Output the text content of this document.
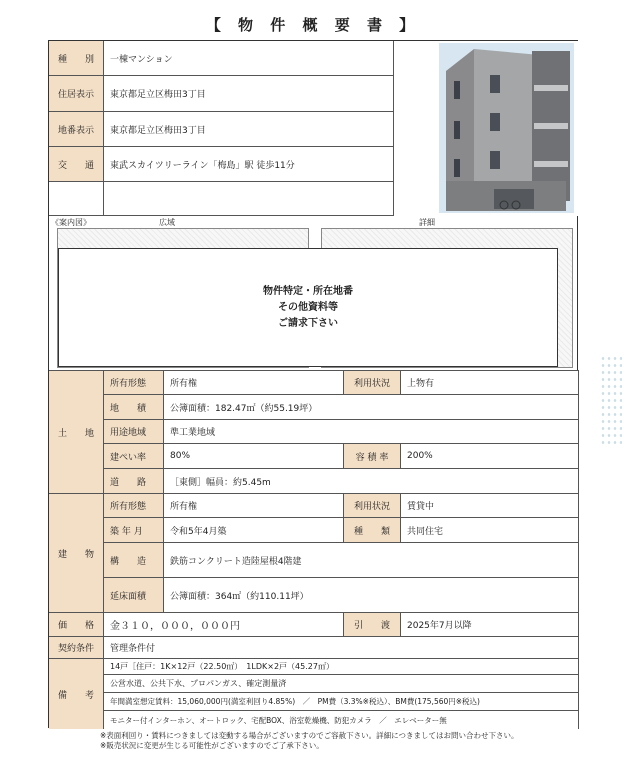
【 物 件 概 要 書 】
種　　別	一棟マンション
住居表示	東京都足立区梅田3丁目
地番表示	東京都足立区梅田3丁目
交　　通	東武スカイツリーライン「梅島」駅 徒歩11分
《案内図》	広域	詳細
土　　地
所有形態	所有権	利用状況	上物有
地　　積	公簿面積：182.47㎡（約55.19坪）
用途地域	準工業地域
建ぺい率	80%	容 積 率	200%
道　　路	［東側］幅員：約5.45m
建　　物
所有形態	所有権	利用状況	賃貸中
築 年 月	令和5年4月築	種　　類	共同住宅
構　　造	鉄筋コンクリート造陸屋根4階建
延床面積	公簿面積：364㎡（約110.11坪）
価　　格	金３１０，０００，０００円	引　　渡	2025年7月以降
契約条件	管理条件付
備　　考
14戸［住戸：1K×12戸（22.50㎡）　1LDK×2戸（45.27㎡）
公営水道、公共下水、プロパンガス、確定測量済
年間満室想定賃料：15,060,000円(満室利回り4.85%)　／　PM費（3.3%※税込）、BM費(175,560円※税込)
モニター付インターホン、オートロック、宅配BOX、浴室乾燥機、防犯カメラ　／　エレベーター無
物件特定・所在地番
その他資料等
ご請求下さい
※表面利回り・賃料につきましては変動する場合がございますのでご容赦下さい。詳細につきましてはお問い合わせ下さい。
※販売状況に変更が生じる可能性がございますのでご了承下さい。
